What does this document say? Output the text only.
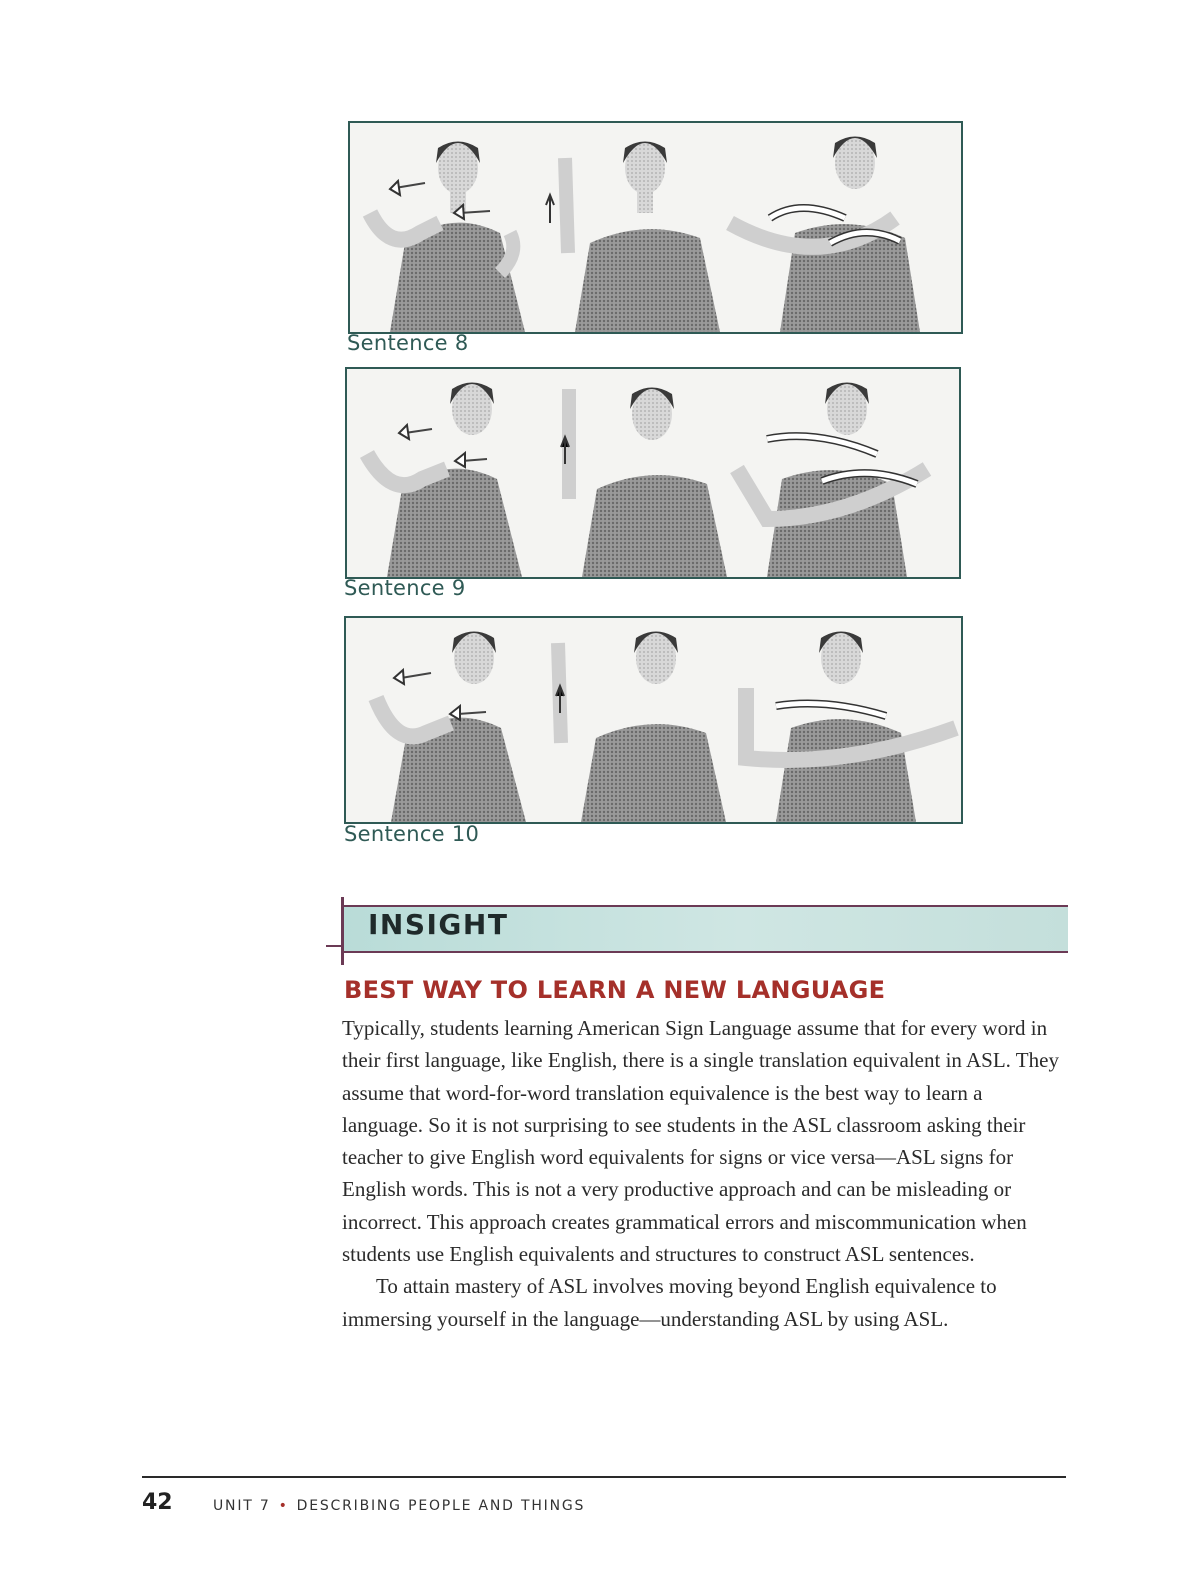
Sentence 8
Sentence 9
Sentence 10
INSIGHT
BEST WAY TO LEARN A NEW LANGUAGE

Typically, students learning American Sign Language assume that for every word in their first language, like English, there is a single translation equivalent in ASL. They assume that word-for-word translation equivalence is the best way to learn a language. So it is not surprising to see students in the ASL classroom asking their teacher to give English word equivalents for signs or vice versa—ASL signs for English words. This is not a very productive approach and can be misleading or incorrect. This approach creates grammatical errors and miscommunication when students use English equivalents and structures to construct ASL sentences.

To attain mastery of ASL involves moving beyond English equivalence to immersing yourself in the language—understanding ASL by using ASL.

42	UNIT 7 • DESCRIBING PEOPLE AND THINGS
